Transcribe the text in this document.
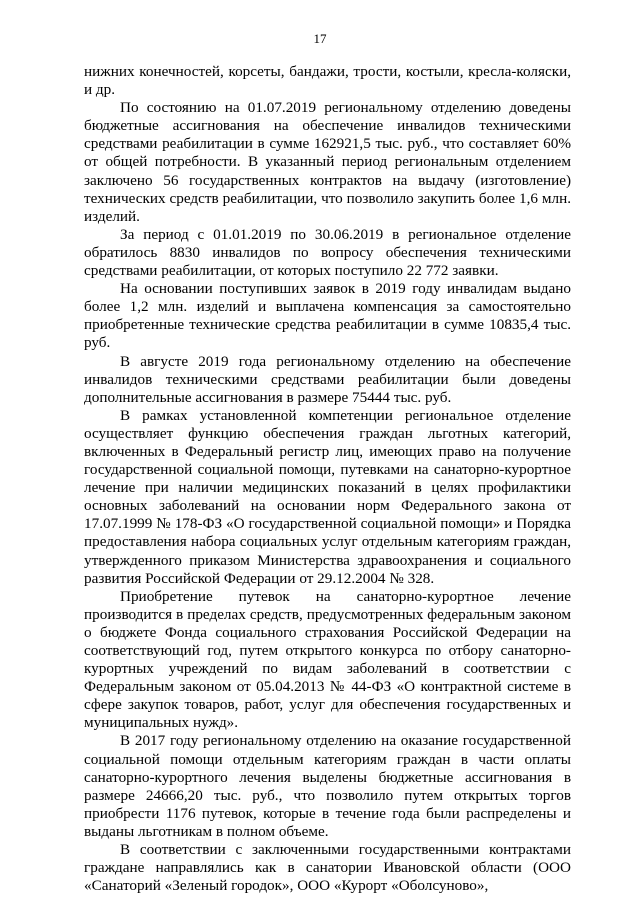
17

нижних конечностей, корсеты, бандажи, трости, костыли, кресла-коляски, и др.

По состоянию на 01.07.2019 региональному отделению доведены бюджетные ассигнования на обеспечение инвалидов техническими средствами реабилитации в сумме 162921,5 тыс. руб., что составляет 60% от общей потребности. В указанный период региональным отделением заключено 56 государственных контрактов на выдачу (изготовление) технических средств реабилитации, что позволило закупить более 1,6 млн. изделий.

За период с 01.01.2019 по 30.06.2019 в региональное отделение обратилось 8830 инвалидов по вопросу обеспечения техническими средствами реабилитации, от которых поступило 22 772 заявки.

На основании поступивших заявок в 2019 году инвалидам выдано более 1,2 млн. изделий и выплачена компенсация за самостоятельно приобретенные технические средства реабилитации в сумме 10835,4 тыс. руб.

В августе 2019 года региональному отделению на обеспечение инвалидов техническими средствами реабилитации были доведены дополнительные ассигнования в размере 75444 тыс. руб.

В рамках установленной компетенции региональное отделение осуществляет функцию обеспечения граждан льготных категорий, включенных в Федеральный регистр лиц, имеющих право на получение государственной социальной помощи, путевками на санаторно-курортное лечение при наличии медицинских показаний в целях профилактики основных заболеваний на основании норм Федерального закона от 17.07.1999 № 178-ФЗ «О государственной социальной помощи» и Порядка предоставления набора социальных услуг отдельным категориям граждан, утвержденного приказом Министерства здравоохранения и социального развития Российской Федерации от 29.12.2004 № 328.

Приобретение путевок на санаторно-курортное лечение производится в пределах средств, предусмотренных федеральным законом о бюджете Фонда социального страхования Российской Федерации на соответствующий год, путем открытого конкурса по отбору санаторно-курортных учреждений по видам заболеваний в соответствии с Федеральным законом от 05.04.2013 № 44-ФЗ «О контрактной системе в сфере закупок товаров, работ, услуг для обеспечения государственных и муниципальных нужд».

В 2017 году региональному отделению на оказание государственной социальной помощи отдельным категориям граждан в части оплаты санаторно-курортного лечения выделены бюджетные ассигнования в размере 24666,20 тыс. руб., что позволило путем открытых торгов приобрести 1176 путевок, которые в течение года были распределены и выданы льготникам в полном объеме.

В соответствии с заключенными государственными контрактами граждане направлялись как в санатории Ивановской области (ООО «Санаторий «Зеленый городок», ООО «Курорт «Оболсуново»,
